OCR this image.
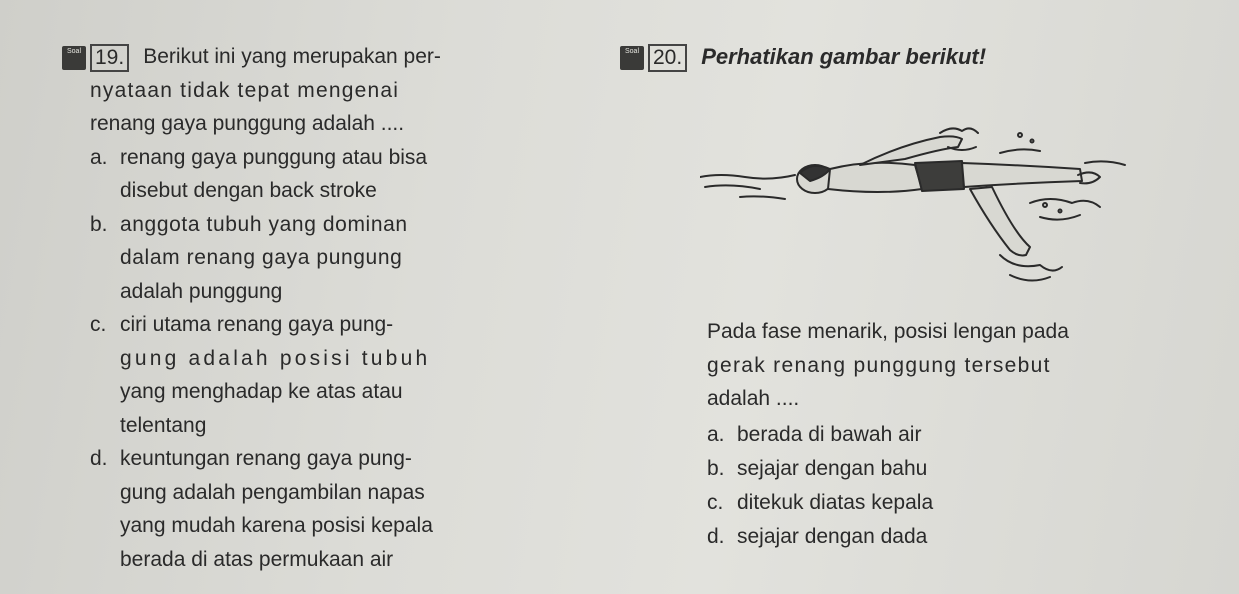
Soal 19. Berikut ini yang merupakan per-

nyataan tidak tepat mengenai

renang gaya punggung adalah ....

a. renang gaya punggung atau bisa
disebut dengan back stroke
b. anggota tubuh yang dominan
dalam renang gaya pungung
adalah punggung
c. ciri utama renang gaya pung-
gung adalah posisi tubuh
yang menghadap ke atas atau
telentang
d. keuntungan renang gaya pung-
gung adalah pengambilan napas
yang mudah karena posisi kepala
berada di atas permukaan air
Soal 20. Perhatikan gambar berikut!
Pada fase menarik, posisi lengan pada
gerak renang punggung tersebut
adalah ....
a. berada di bawah air
b. sejajar dengan bahu
c. ditekuk diatas kepala
d. sejajar dengan dada
